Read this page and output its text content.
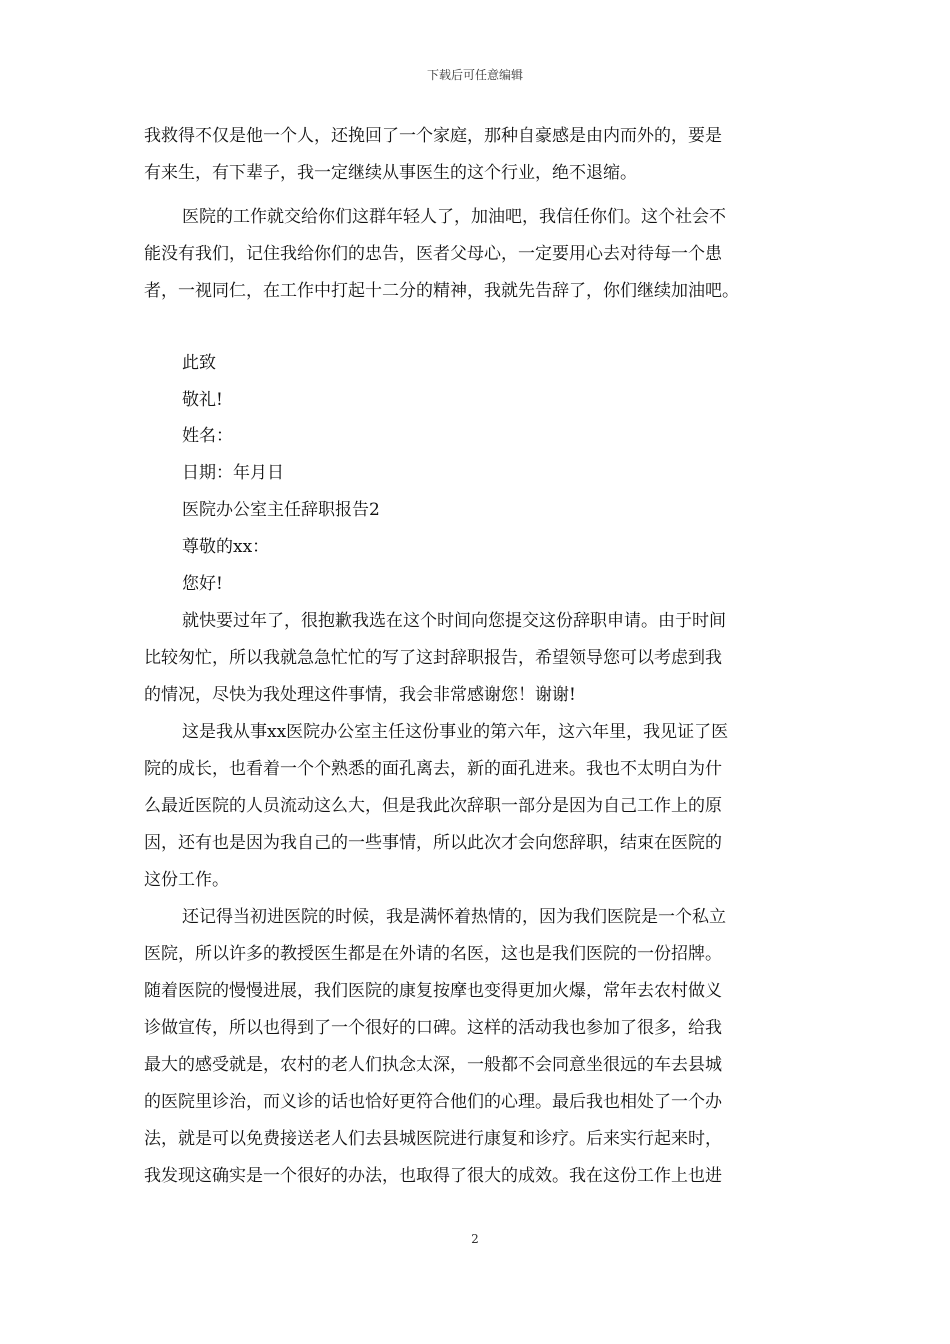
下载后可任意编辑

我救得不仅是他一个人，还挽回了一个家庭，那种自豪感是由内而外的，要是

有来生，有下辈子，我一定继续从事医生的这个行业，绝不退缩。

医院的工作就交给你们这群年轻人了，加油吧，我信任你们。这个社会不

能没有我们，记住我给你们的忠告，医者父母心，一定要用心去对待每一个患

者，一视同仁，在工作中打起十二分的精神，我就先告辞了，你们继续加油吧。

此致

敬礼!

姓名：

日期：年月日

医院办公室主任辞职报告2

尊敬的xx：

您好!

就快要过年了，很抱歉我选在这个时间向您提交这份辞职申请。由于时间

比较匆忙，所以我就急急忙忙的写了这封辞职报告，希望领导您可以考虑到我

的情况，尽快为我处理这件事情，我会非常感谢您！谢谢!

这是我从事xx医院办公室主任这份事业的第六年，这六年里，我见证了医

院的成长，也看着一个个熟悉的面孔离去，新的面孔进来。我也不太明白为什

么最近医院的人员流动这么大，但是我此次辞职一部分是因为自己工作上的原

因，还有也是因为我自己的一些事情，所以此次才会向您辞职，结束在医院的

这份工作。

还记得当初进医院的时候，我是满怀着热情的，因为我们医院是一个私立

医院，所以许多的教授医生都是在外请的名医，这也是我们医院的一份招牌。

随着医院的慢慢进展，我们医院的康复按摩也变得更加火爆，常年去农村做义

诊做宣传，所以也得到了一个很好的口碑。这样的活动我也参加了很多，给我

最大的感受就是，农村的老人们执念太深，一般都不会同意坐很远的车去县城

的医院里诊治，而义诊的话也恰好更符合他们的心理。最后我也相处了一个办

法，就是可以免费接送老人们去县城医院进行康复和诊疗。后来实行起来时，

我发现这确实是一个很好的办法，也取得了很大的成效。我在这份工作上也进

2
